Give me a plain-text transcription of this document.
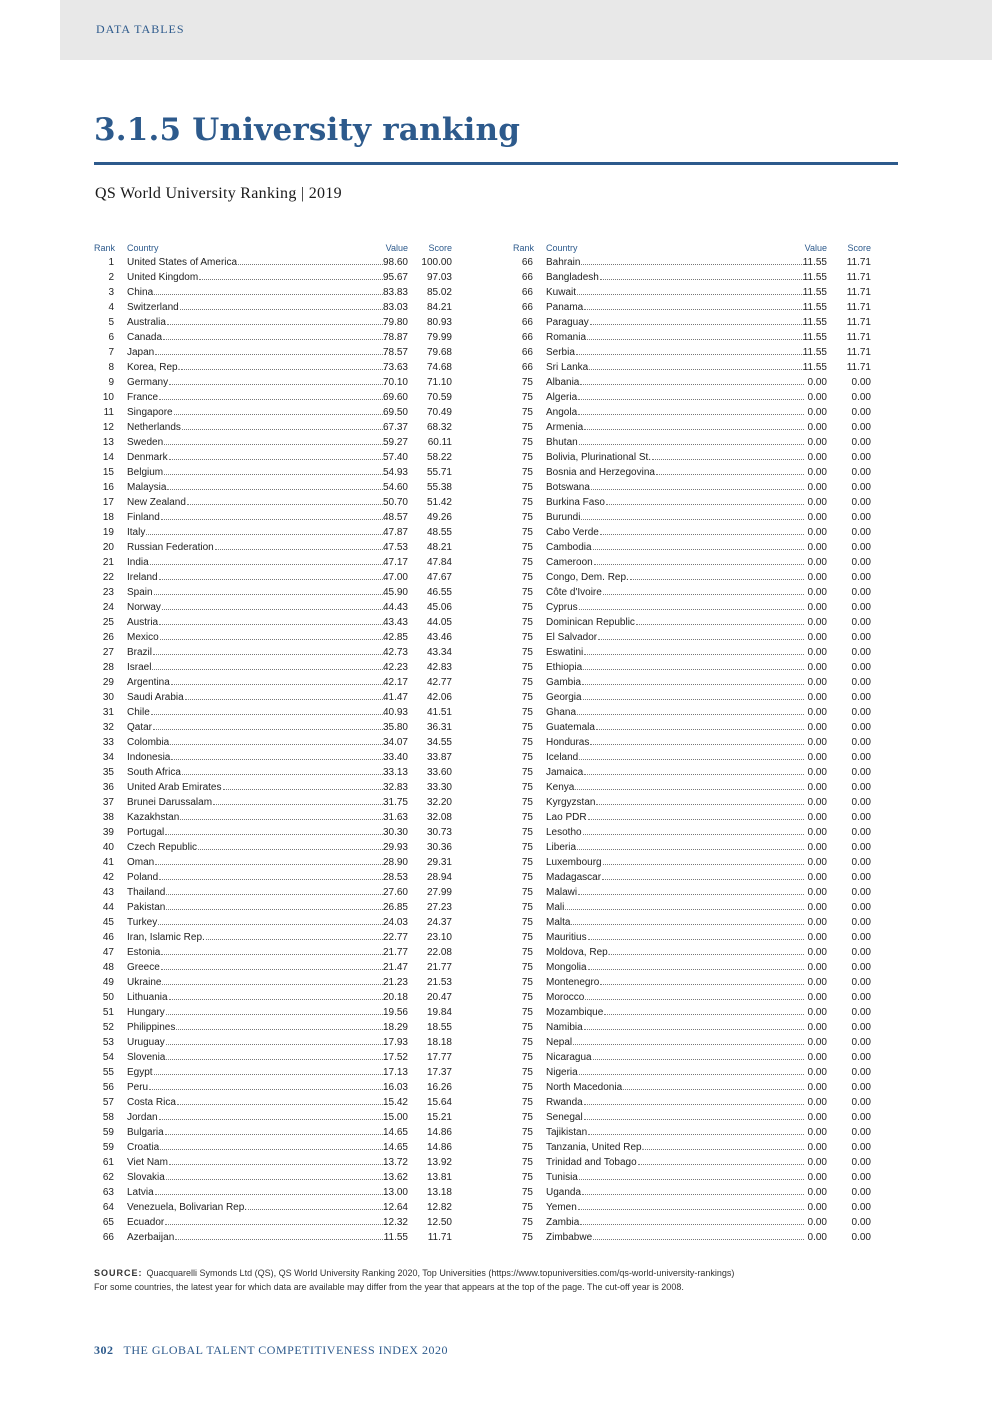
DATA TABLES
3.1.5 University ranking
QS World University Ranking | 2019
Rank Country	Value	Score
1 United States of America	98.60	100.00
2 United Kingdom	95.67	97.03
3 China	83.83	85.02
4 Switzerland	83.03	84.21
5 Australia	79.80	80.93
6 Canada	78.87	79.99
7 Japan	78.57	79.68
8 Korea, Rep.	73.63	74.68
9 Germany	70.10	71.10
10 France	69.60	70.59
11 Singapore	69.50	70.49
12 Netherlands	67.37	68.32
13 Sweden	59.27	60.11
14 Denmark	57.40	58.22
15 Belgium	54.93	55.71
16 Malaysia	54.60	55.38
17 New Zealand	50.70	51.42
18 Finland	48.57	49.26
19 Italy	47.87	48.55
20 Russian Federation	47.53	48.21
21 India	47.17	47.84
22 Ireland	47.00	47.67
23 Spain	45.90	46.55
24 Norway	44.43	45.06
25 Austria	43.43	44.05
26 Mexico	42.85	43.46
27 Brazil	42.73	43.34
28 Israel	42.23	42.83
29 Argentina	42.17	42.77
30 Saudi Arabia	41.47	42.06
31 Chile	40.93	41.51
32 Qatar	35.80	36.31
33 Colombia	34.07	34.55
34 Indonesia	33.40	33.87
35 South Africa	33.13	33.60
36 United Arab Emirates	32.83	33.30
37 Brunei Darussalam	31.75	32.20
38 Kazakhstan	31.63	32.08
39 Portugal	30.30	30.73
40 Czech Republic	29.93	30.36
41 Oman	28.90	29.31
42 Poland	28.53	28.94
43 Thailand	27.60	27.99
44 Pakistan	26.85	27.23
45 Turkey	24.03	24.37
46 Iran, Islamic Rep.	22.77	23.10
47 Estonia	21.77	22.08
48 Greece	21.47	21.77
49 Ukraine	21.23	21.53
50 Lithuania	20.18	20.47
51 Hungary	19.56	19.84
52 Philippines	18.29	18.55
53 Uruguay	17.93	18.18
54 Slovenia	17.52	17.77
55 Egypt	17.13	17.37
56 Peru	16.03	16.26
57 Costa Rica	15.42	15.64
58 Jordan	15.00	15.21
59 Bulgaria	14.65	14.86
59 Croatia	14.65	14.86
61 Viet Nam	13.72	13.92
62 Slovakia	13.62	13.81
63 Latvia	13.00	13.18
64 Venezuela, Bolivarian Rep.	12.64	12.82
65 Ecuador	12.32	12.50
66 Azerbaijan	11.55	11.71
Rank Country	Value	Score
66 Bahrain	11.55	11.71
66 Bangladesh	11.55	11.71
66 Kuwait	11.55	11.71
66 Panama	11.55	11.71
66 Paraguay	11.55	11.71
66 Romania	11.55	11.71
66 Serbia	11.55	11.71
66 Sri Lanka	11.55	11.71
75 Albania	0.00	0.00
75 Algeria	0.00	0.00
75 Angola	0.00	0.00
75 Armenia	0.00	0.00
75 Bhutan	0.00	0.00
75 Bolivia, Plurinational St.	0.00	0.00
75 Bosnia and Herzegovina	0.00	0.00
75 Botswana	0.00	0.00
75 Burkina Faso	0.00	0.00
75 Burundi	0.00	0.00
75 Cabo Verde	0.00	0.00
75 Cambodia	0.00	0.00
75 Cameroon	0.00	0.00
75 Congo, Dem. Rep.	0.00	0.00
75 Côte d'Ivoire	0.00	0.00
75 Cyprus	0.00	0.00
75 Dominican Republic	0.00	0.00
75 El Salvador	0.00	0.00
75 Eswatini	0.00	0.00
75 Ethiopia	0.00	0.00
75 Gambia	0.00	0.00
75 Georgia	0.00	0.00
75 Ghana	0.00	0.00
75 Guatemala	0.00	0.00
75 Honduras	0.00	0.00
75 Iceland	0.00	0.00
75 Jamaica	0.00	0.00
75 Kenya	0.00	0.00
75 Kyrgyzstan	0.00	0.00
75 Lao PDR	0.00	0.00
75 Lesotho	0.00	0.00
75 Liberia	0.00	0.00
75 Luxembourg	0.00	0.00
75 Madagascar	0.00	0.00
75 Malawi	0.00	0.00
75 Mali	0.00	0.00
75 Malta	0.00	0.00
75 Mauritius	0.00	0.00
75 Moldova, Rep.	0.00	0.00
75 Mongolia	0.00	0.00
75 Montenegro	0.00	0.00
75 Morocco	0.00	0.00
75 Mozambique	0.00	0.00
75 Namibia	0.00	0.00
75 Nepal	0.00	0.00
75 Nicaragua	0.00	0.00
75 Nigeria	0.00	0.00
75 North Macedonia	0.00	0.00
75 Rwanda	0.00	0.00
75 Senegal	0.00	0.00
75 Tajikistan	0.00	0.00
75 Tanzania, United Rep.	0.00	0.00
75 Trinidad and Tobago	0.00	0.00
75 Tunisia	0.00	0.00
75 Uganda	0.00	0.00
75 Yemen	0.00	0.00
75 Zambia	0.00	0.00
75 Zimbabwe	0.00	0.00
SOURCE: Quacquarelli Symonds Ltd (QS), QS World University Ranking 2020, Top Universities (https://www.topuniversities.com/qs-world-university-rankings)
For some countries, the latest year for which data are available may differ from the year that appears at the top of the page. The cut-off year is 2008.
302 THE GLOBAL TALENT COMPETITIVENESS INDEX 2020
